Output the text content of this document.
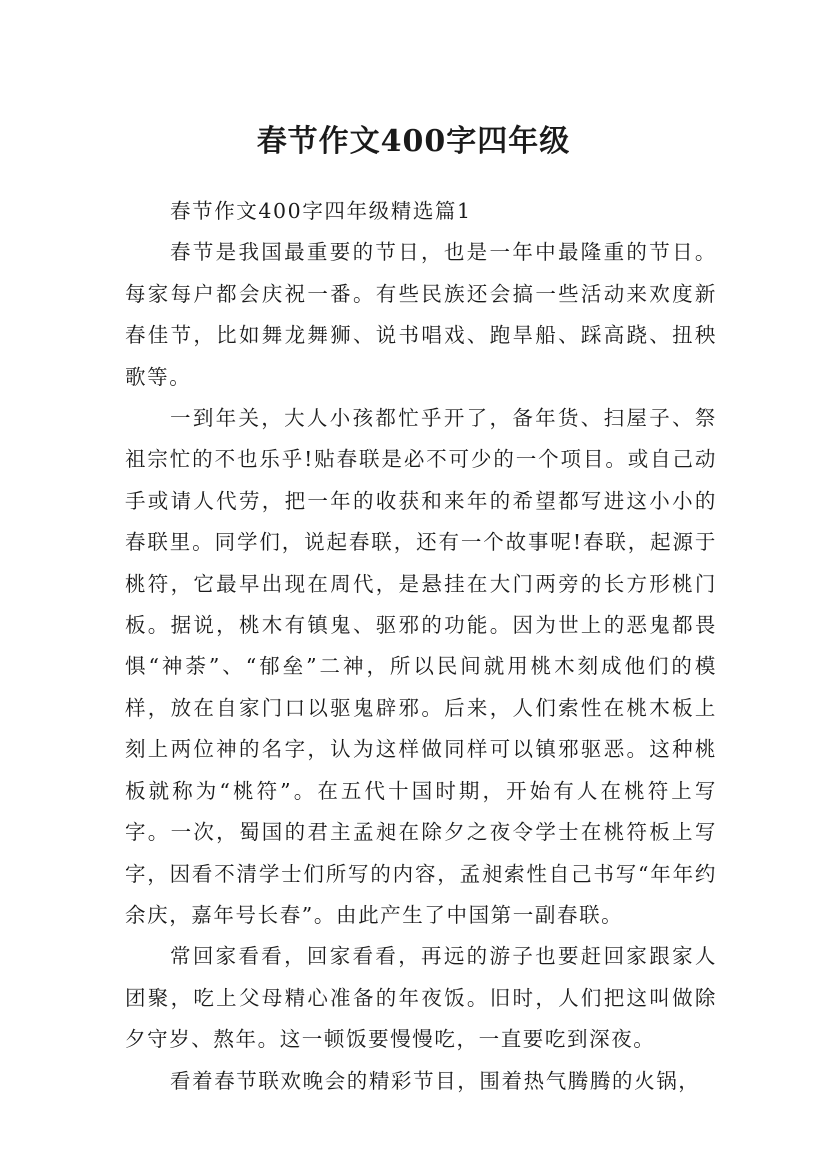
春节作文400字四年级

春节作文400字四年级精选篇1

春节是我国最重要的节日，也是一年中最隆重的节日。每家每户都会庆祝一番。有些民族还会搞一些活动来欢度新春佳节，比如舞龙舞狮、说书唱戏、跑旱船、踩高跷、扭秧歌等。

一到年关，大人小孩都忙乎开了，备年货、扫屋子、祭祖宗忙的不也乐乎!贴春联是必不可少的一个项目。或自己动手或请人代劳，把一年的收获和来年的希望都写进这小小的春联里。同学们，说起春联，还有一个故事呢!春联，起源于桃符，它最早出现在周代，是悬挂在大门两旁的长方形桃门板。据说，桃木有镇鬼、驱邪的功能。因为世上的恶鬼都畏惧“神荼”、“郁垒”二神，所以民间就用桃木刻成他们的模样，放在自家门口以驱鬼辟邪。后来，人们索性在桃木板上刻上两位神的名字，认为这样做同样可以镇邪驱恶。这种桃板就称为“桃符”。在五代十国时期，开始有人在桃符上写字。一次，蜀国的君主孟昶在除夕之夜令学士在桃符板上写字，因看不清学士们所写的内容，孟昶索性自己书写“年年约余庆，嘉年号长春”。由此产生了中国第一副春联。

常回家看看，回家看看，再远的游子也要赶回家跟家人团聚，吃上父母精心准备的年夜饭。旧时，人们把这叫做除夕守岁、熬年。这一顿饭要慢慢吃，一直要吃到深夜。

看着春节联欢晚会的精彩节目，围着热气腾腾的火锅，
